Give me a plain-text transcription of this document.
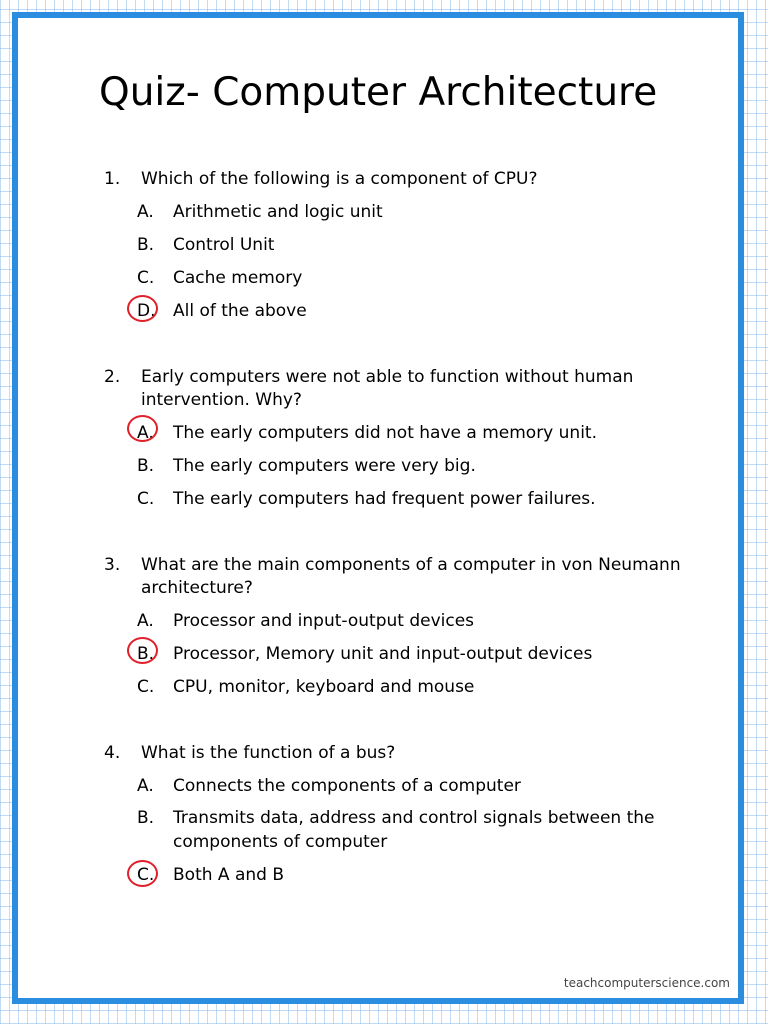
Quiz- Computer Architecture
1. Which of the following is a component of CPU?
A. Arithmetic and logic unit
B. Control Unit
C. Cache memory
D. All of the above
2. Early computers were not able to function without human
intervention. Why?
A. The early computers did not have a memory unit.
B. The early computers were very big.
C. The early computers had frequent power failures.
3. What are the main components of a computer in von Neumann
architecture?
A. Processor and input-output devices
B. Processor, Memory unit and input-output devices
C. CPU, monitor, keyboard and mouse
4. What is the function of a bus?
A. Connects the components of a computer
B. Transmits data, address and control signals between the
components of computer
C. Both A and B
teachcomputerscience.com
